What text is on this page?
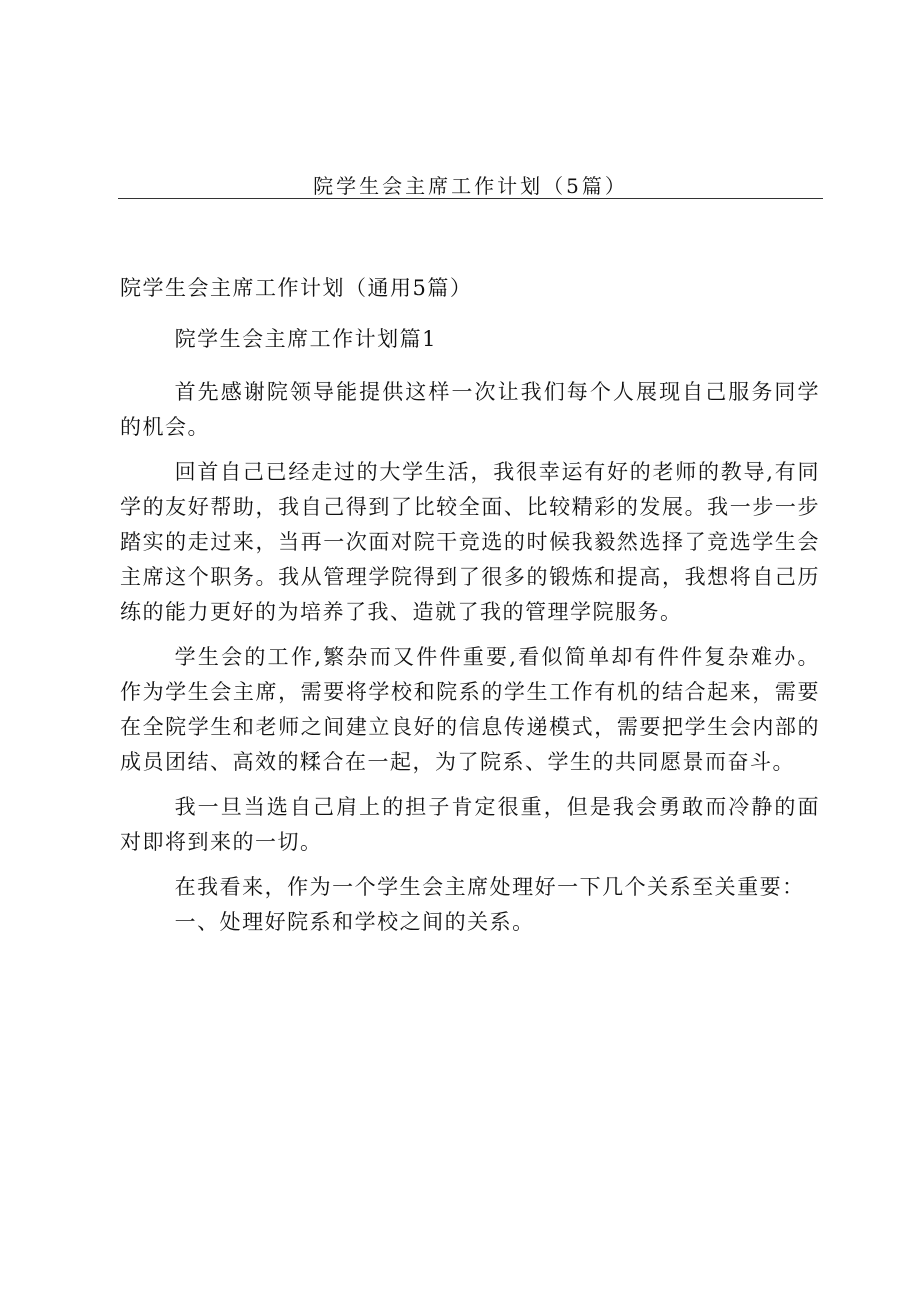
院学生会主席工作计划（5篇）
院学生会主席工作计划（通用5篇）

院学生会主席工作计划篇1

首先感谢院领导能提供这样一次让我们每个人展现自己服务同学的机会。

回首自己已经走过的大学生活，我很幸运有好的老师的教导,有同学的友好帮助，我自己得到了比较全面、比较精彩的发展。我一步一步踏实的走过来，当再一次面对院干竞选的时候我毅然选择了竞选学生会主席这个职务。我从管理学院得到了很多的锻炼和提高，我想将自己历练的能力更好的为培养了我、造就了我的管理学院服务。

学生会的工作,繁杂而又件件重要,看似简单却有件件复杂难办。作为学生会主席，需要将学校和院系的学生工作有机的结合起来，需要在全院学生和老师之间建立良好的信息传递模式，需要把学生会内部的成员团结、高效的糅合在一起，为了院系、学生的共同愿景而奋斗。

我一旦当选自己肩上的担子肯定很重，但是我会勇敢而冷静的面对即将到来的一切。

在我看来，作为一个学生会主席处理好一下几个关系至关重要：

一、处理好院系和学校之间的关系。
